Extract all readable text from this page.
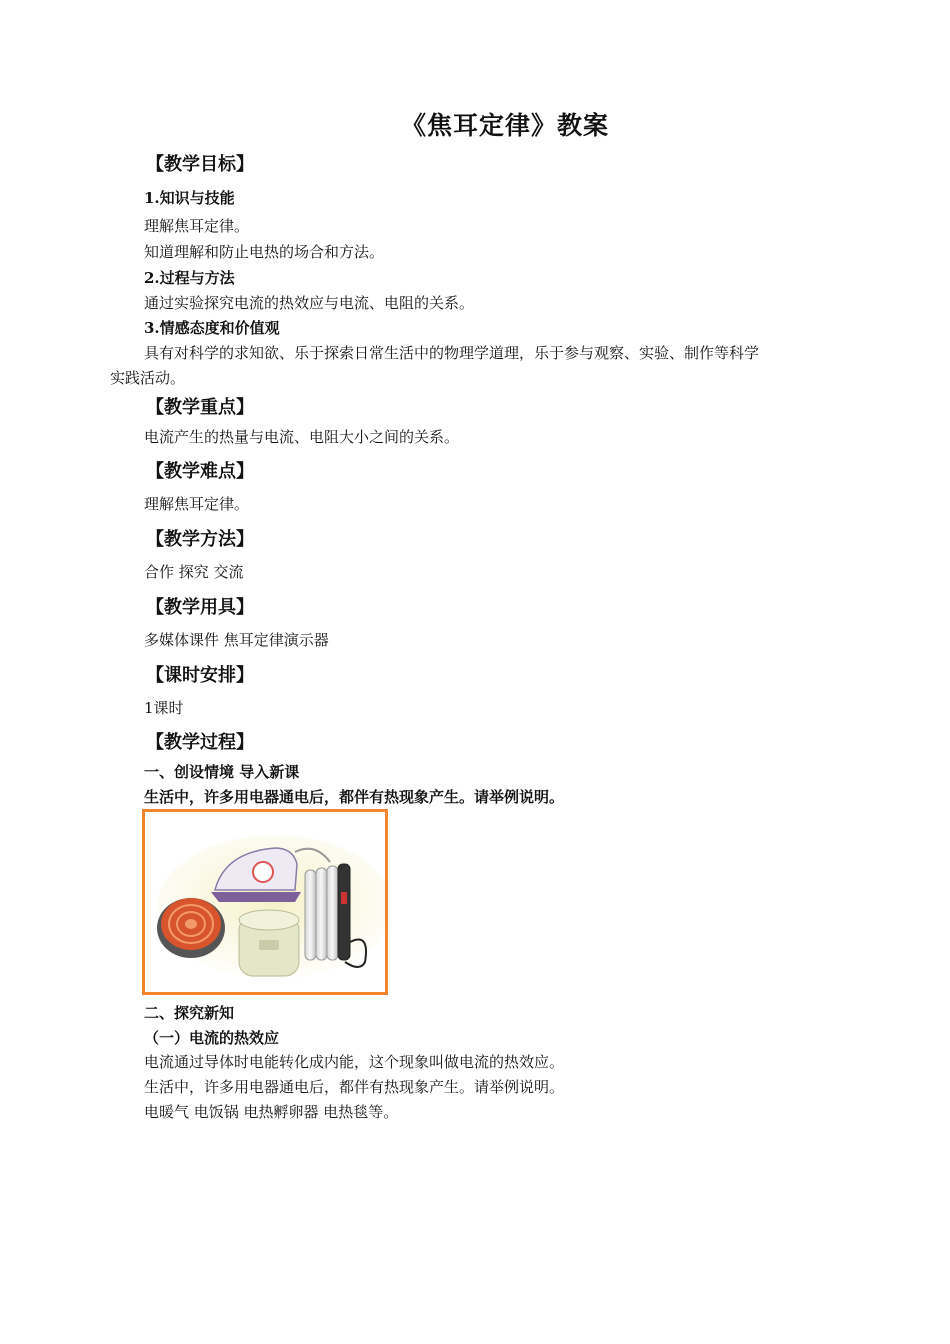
《焦耳定律》教案
【教学目标】
1.知识与技能
理解焦耳定律。
知道理解和防止电热的场合和方法。
2.过程与方法
通过实验探究电流的热效应与电流、电阻的关系。
3.情感态度和价值观
具有对科学的求知欲、乐于探索日常生活中的物理学道理，乐于参与观察、实验、制作等科学
实践活动。
【教学重点】
电流产生的热量与电流、电阻大小之间的关系。
【教学难点】
理解焦耳定律。
【教学方法】
合作 探究 交流
【教学用具】
多媒体课件 焦耳定律演示器
【课时安排】
1课时
【教学过程】
一、创设情境 导入新课
生活中，许多用电器通电后，都伴有热现象产生。请举例说明。
二、探究新知
（一）电流的热效应
电流通过导体时电能转化成内能，这个现象叫做电流的热效应。
生活中，许多用电器通电后，都伴有热现象产生。请举例说明。
电暖气 电饭锅 电热孵卵器 电热毯等。
